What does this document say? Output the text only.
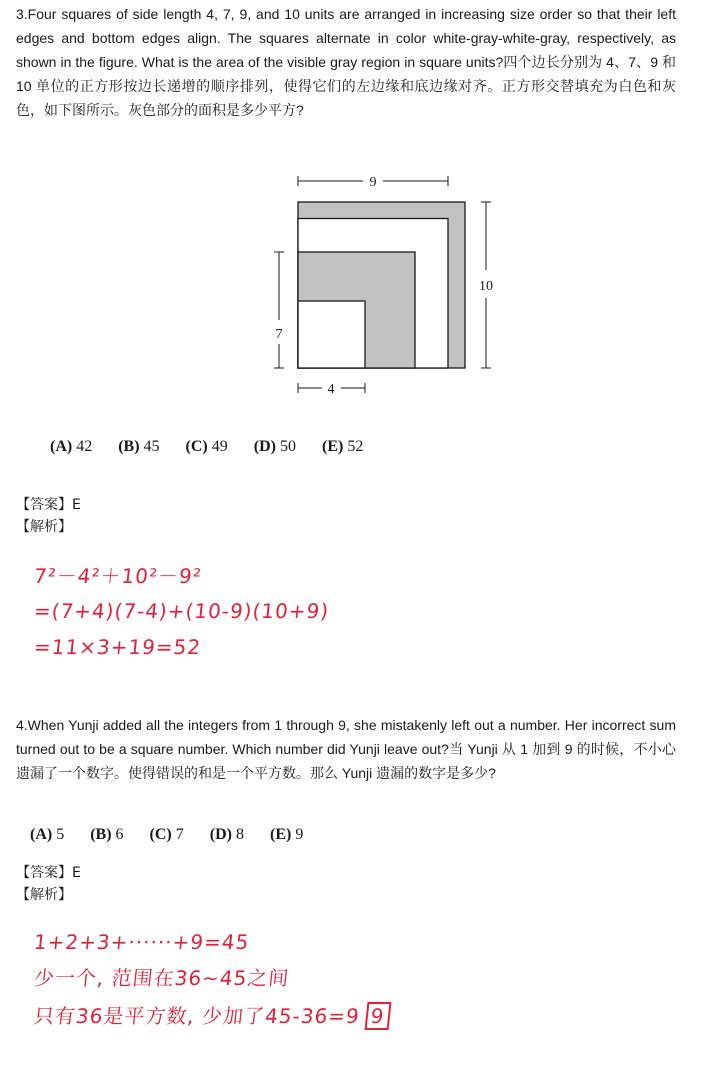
3.Four squares of side length 4, 7, 9, and 10 units are arranged in increasing size order so that their left edges and bottom edges align. The squares alternate in color white-gray-white-gray, respectively, as shown in the figure. What is the area of the visible gray region in square units?四个边长分别为 4、7、9 和 10 单位的正方形按边长递增的顺序排列，使得它们的左边缘和底边缘对齐。正方形交替填充为白色和灰色，如下图所示。灰色部分的面积是多少平方?

9
10
7
4
(A) 42 (B) 45 (C) 49 (D) 50 (E) 52
【答案】E
【解析】
7²－4²＋10²－9²
=(7+4)(7-4)+(10-9)(10+9)
=11×3+19=52

4.When Yunji added all the integers from 1 through 9, she mistakenly left out a number. Her incorrect sum turned out to be a square number. Which number did Yunji leave out?当 Yunji 从 1 加到 9 的时候，不小心遗漏了一个数字。使得错误的和是一个平方数。那么 Yunji 遗漏的数字是多少?

(A) 5 (B) 6 (C) 7 (D) 8 (E) 9
【答案】E
【解析】
1+2+3+······+9=45
少一个, 范围在36~45之间
只有36是平方数, 少加了45-36=9 9
